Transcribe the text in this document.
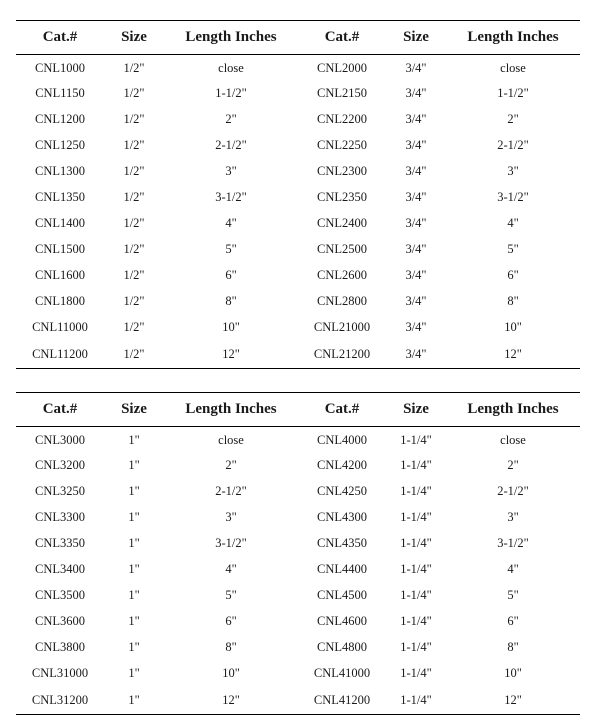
Cat.#	Size	Length Inches	Cat.#	Size	Length Inches
CNL1000	1/2"	close	CNL2000	3/4"	close
CNL1150	1/2"	1-1/2"	CNL2150	3/4"	1-1/2"
CNL1200	1/2"	2"	CNL2200	3/4"	2"
CNL1250	1/2"	2-1/2"	CNL2250	3/4"	2-1/2"
CNL1300	1/2"	3"	CNL2300	3/4"	3"
CNL1350	1/2"	3-1/2"	CNL2350	3/4"	3-1/2"
CNL1400	1/2"	4"	CNL2400	3/4"	4"
CNL1500	1/2"	5"	CNL2500	3/4"	5"
CNL1600	1/2"	6"	CNL2600	3/4"	6"
CNL1800	1/2"	8"	CNL2800	3/4"	8"
CNL11000	1/2"	10"	CNL21000	3/4"	10"
CNL11200	1/2"	12"	CNL21200	3/4"	12"
Cat.#	Size	Length Inches	Cat.#	Size	Length Inches
CNL3000	1"	close	CNL4000	1-1/4"	close
CNL3200	1"	2"	CNL4200	1-1/4"	2"
CNL3250	1"	2-1/2"	CNL4250	1-1/4"	2-1/2"
CNL3300	1"	3"	CNL4300	1-1/4"	3"
CNL3350	1"	3-1/2"	CNL4350	1-1/4"	3-1/2"
CNL3400	1"	4"	CNL4400	1-1/4"	4"
CNL3500	1"	5"	CNL4500	1-1/4"	5"
CNL3600	1"	6"	CNL4600	1-1/4"	6"
CNL3800	1"	8"	CNL4800	1-1/4"	8"
CNL31000	1"	10"	CNL41000	1-1/4"	10"
CNL31200	1"	12"	CNL41200	1-1/4"	12"
